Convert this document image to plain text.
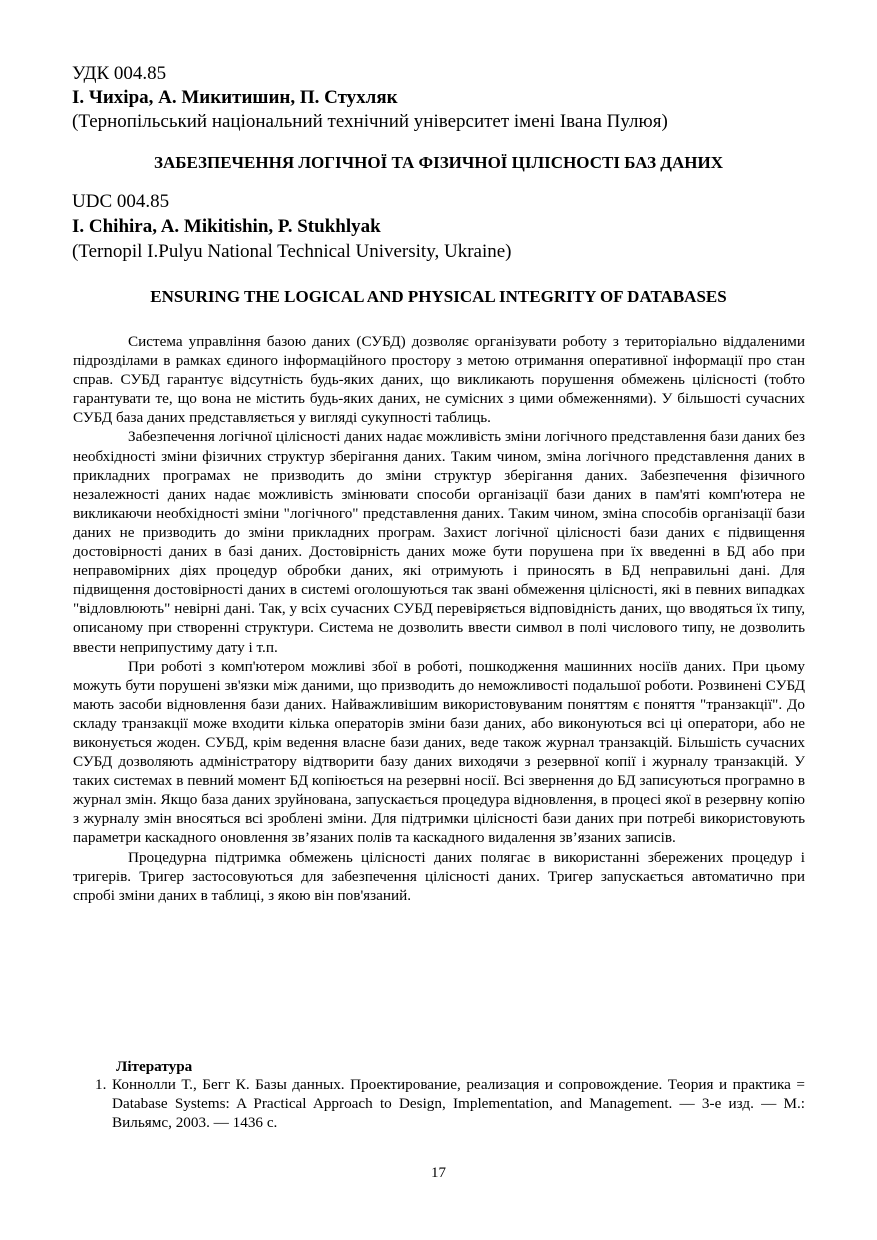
УДК 004.85
І. Чихіра, А. Микитишин, П. Стухляк
(Тернопільський національний технічний університет імені Івана Пулюя)
ЗАБЕЗПЕЧЕННЯ ЛОГІЧНОЇ ТА ФІЗИЧНОЇ ЦІЛІСНОСТІ БАЗ ДАНИХ
UDC 004.85
I. Chihira, A. Mikitishin, P. Stukhlyak
(Ternopil I.Pulyu National Technical University, Ukraine)
ENSURING THE LOGICAL AND PHYSICAL INTEGRITY OF DATABASES

Система управління базою даних (СУБД) дозволяє організувати роботу з територіально віддаленими підрозділами в рамках єдиного інформаційного простору з метою отримання оперативної інформації про стан справ. СУБД гарантує відсутність будь-яких даних, що викликають порушення обмежень цілісності (тобто гарантувати те, що вона не містить будь-яких даних, не сумісних з цими обмеженнями). У більшості сучасних СУБД база даних представляється у вигляді сукупності таблиць.

Забезпечення логічної цілісності даних надає можливість зміни логічного представлення бази даних без необхідності зміни фізичних структур зберігання даних. Таким чином, зміна логічного представлення даних в прикладних програмах не призводить до зміни структур зберігання даних. Забезпечення фізичного незалежності даних надає можливість змінювати способи організації бази даних в пам'яті комп'ютера не викликаючи необхідності зміни "логічного" представлення даних. Таким чином, зміна способів організації бази даних не призводить до зміни прикладних програм. Захист логічної цілісності бази даних є підвищення достовірності даних в базі даних. Достовірність даних може бути порушена при їх введенні в БД або при неправомірних діях процедур обробки даних, які отримують і приносять в БД неправильні дані. Для підвищення достовірності даних в системі оголошуються так звані обмеження цілісності, які в певних випадках "відловлюють" невірні дані. Так, у всіх сучасних СУБД перевіряється відповідність даних, що вводяться їх типу, описаному при створенні структури. Система не дозволить ввести символ в полі числового типу, не дозволить ввести неприпустиму дату і т.п.

При роботі з комп'ютером можливі збої в роботі, пошкодження машинних носіїв даних. При цьому можуть бути порушені зв'язки між даними, що призводить до неможливості подальшої роботи. Розвинені СУБД мають засоби відновлення бази даних. Найважливішим використовуваним поняттям є поняття "транзакції". До складу транзакції може входити кілька операторів зміни бази даних, або виконуються всі ці оператори, або не виконується жоден. СУБД, крім ведення власне бази даних, веде також журнал транзакцій. Більшість сучасних СУБД дозволяють адміністратору відтворити базу даних виходячи з резервної копії і журналу транзакцій. У таких системах в певний момент БД копіюється на резервні носії. Всі звернення до БД записуються програмно в журнал змін. Якщо база даних зруйнована, запускається процедура відновлення, в процесі якої в резервну копію з журналу змін вносяться всі зроблені зміни. Для підтримки цілісності бази даних при потребі використовують параметри каскадного оновлення зв’язаних полів та каскадного видалення зв’язаних записів.

Процедурна підтримка обмежень цілісності даних полягає в використанні збережених процедур і тригерів. Тригер застосовуються для забезпечення цілісності даних. Тригер запускається автоматично при спробі зміни даних в таблиці, з якою він пов'язаний.

Література
1. Коннолли Т., Бегг К. Базы данных. Проектирование, реализация и сопровождение. Теория и практика = Database Systems: A Practical Approach to Design, Implementation, and Management. — 3-е изд. — М.: Вильямс, 2003. — 1436 с.
17
